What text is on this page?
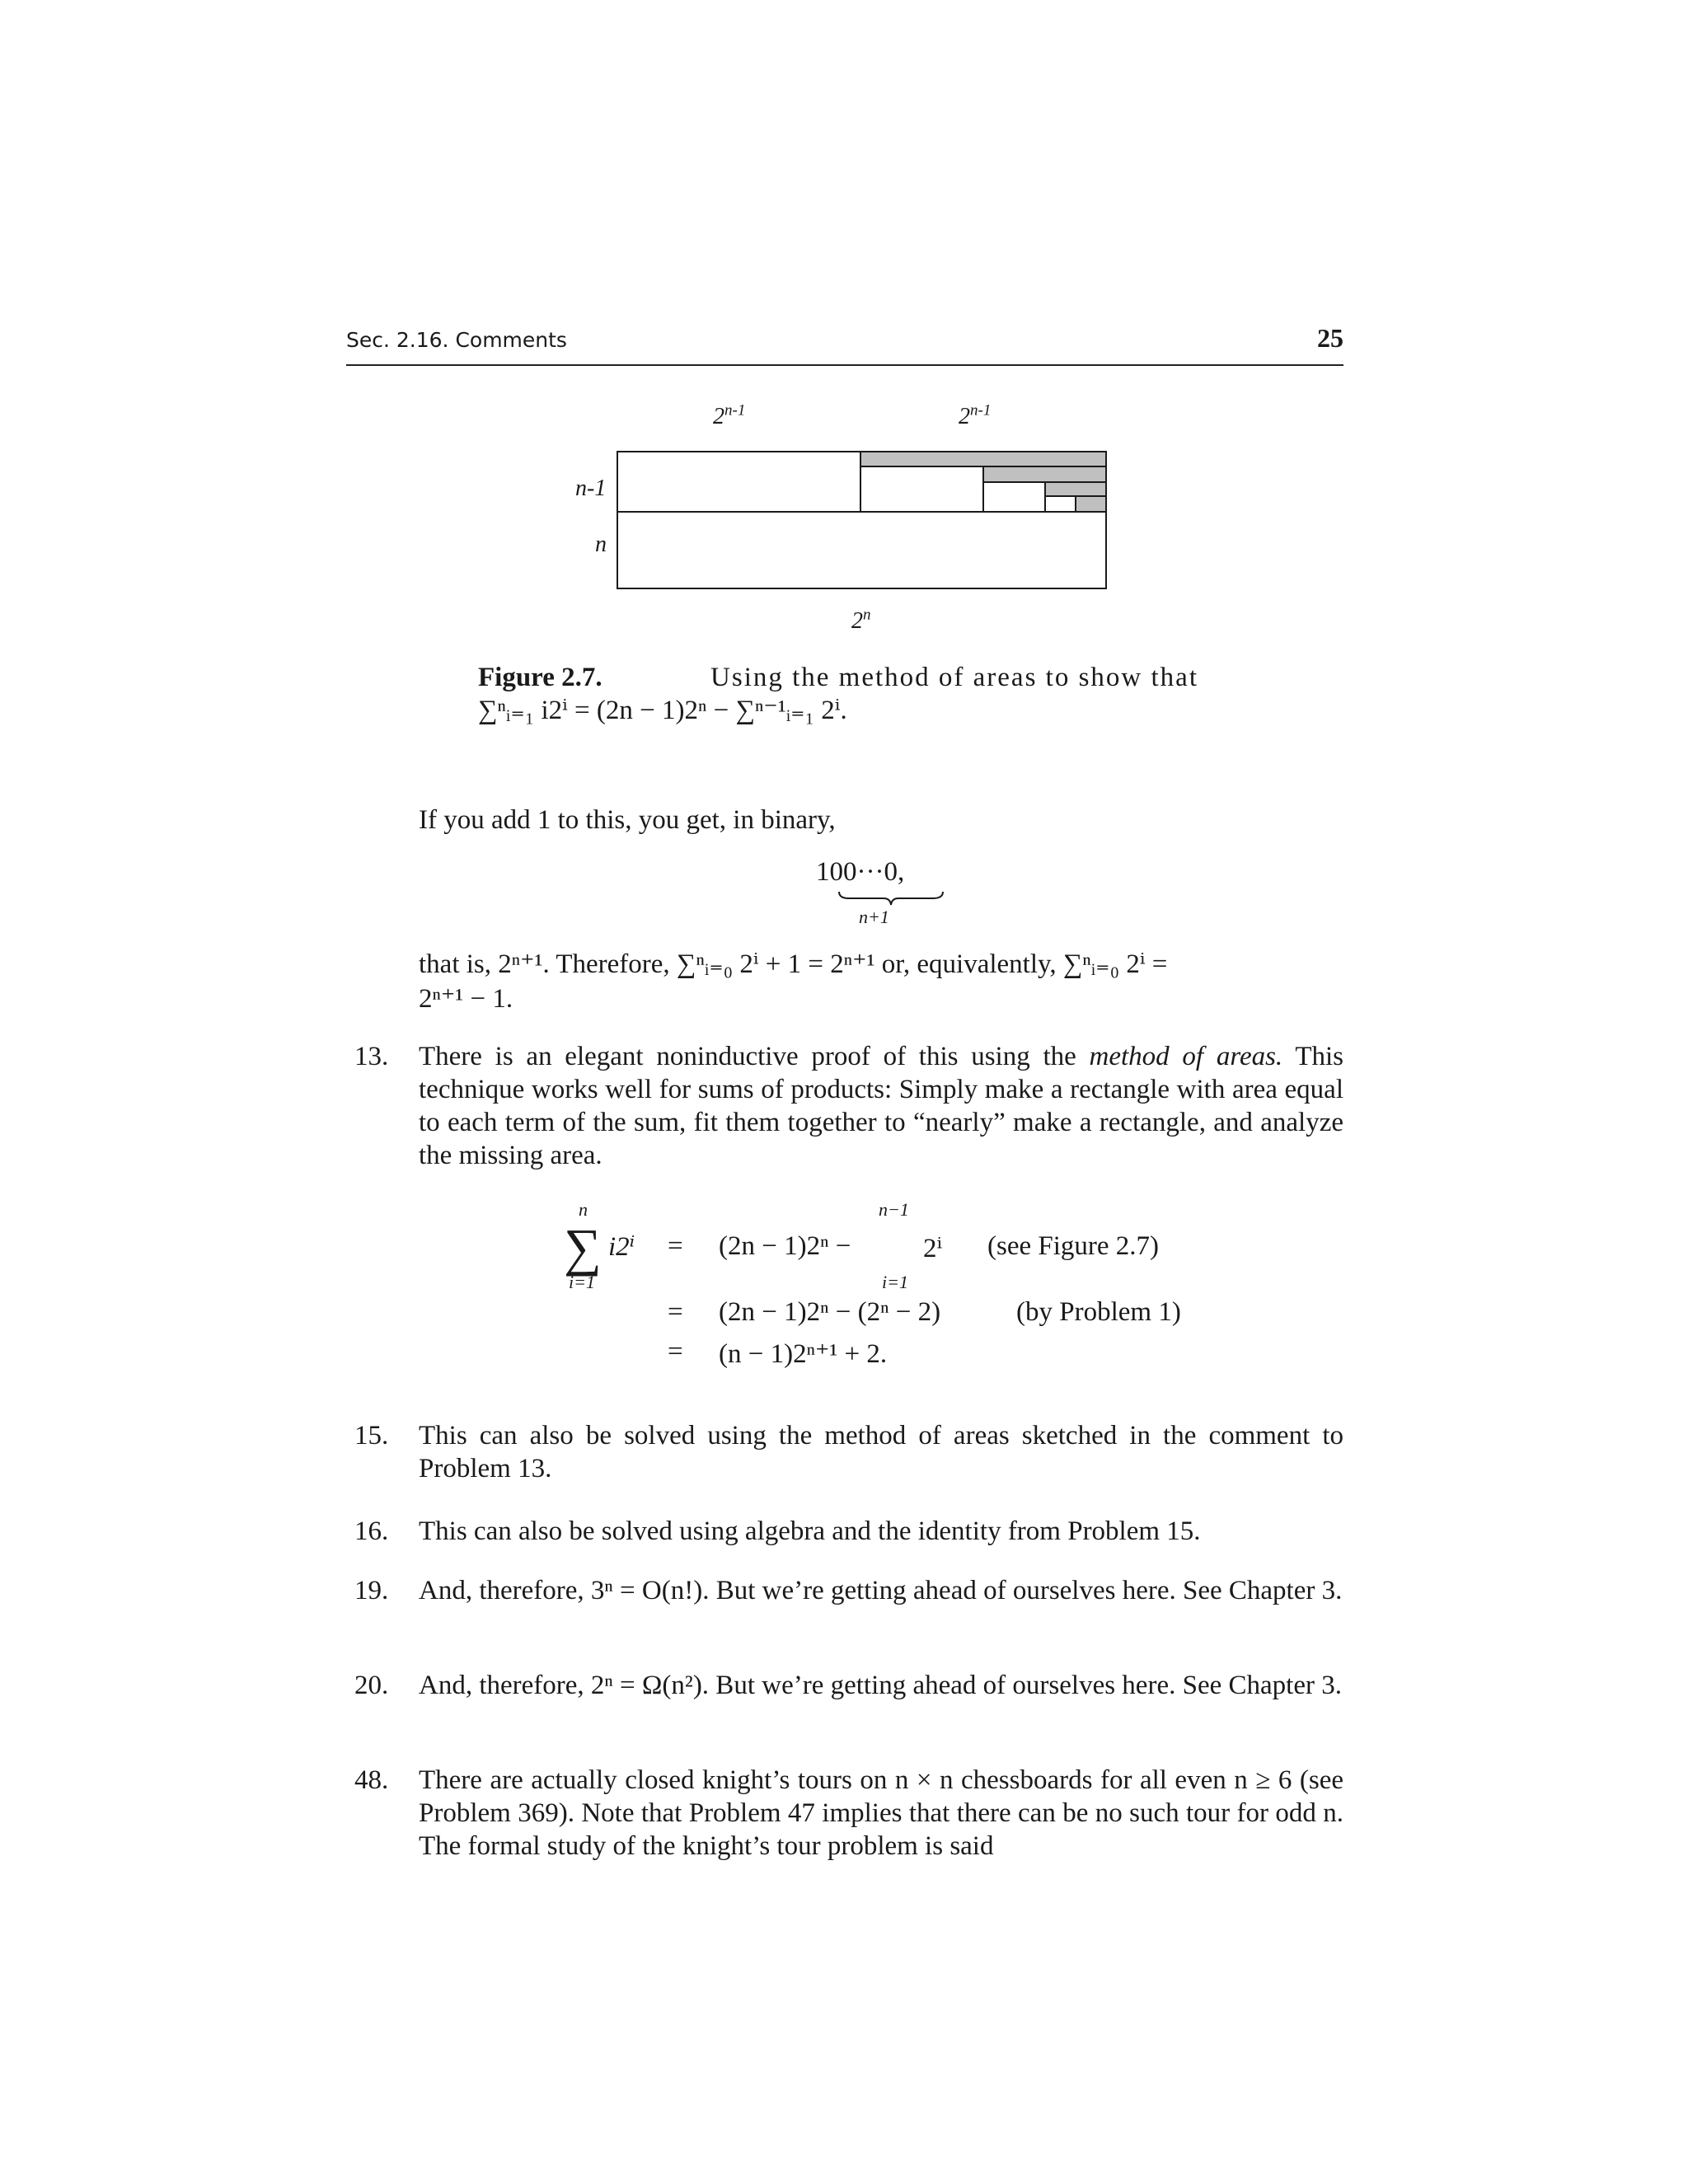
Sec. 2.16. Comments	25
2$^{n-1}$	2$^{n-1}$
n-1
n
2$^n$
Figure 2.7.	Using the method of areas to show that
∑ⁿᵢ₌₁ i2ⁱ = (2n − 1)2ⁿ − ∑ⁿ⁻¹ᵢ₌₁ 2ⁱ.
If you add 1 to this, you get, in binary,
100···0,
n+1
that is, 2ⁿ⁺¹. Therefore, ∑ⁿᵢ₌₀ 2ⁱ + 1 = 2ⁿ⁺¹ or, equivalently, ∑ⁿᵢ₌₀ 2ⁱ =
2ⁿ⁺¹ − 1.
13.	There is an elegant noninductive proof of this using the method of areas. This technique works well for sums of products: Simply make a rectangle with area equal to each term of the sum, fit them together to “nearly” make a rectangle, and analyze the missing area.
n
∑
i=1
i2ⁱ = (2n − 1)2ⁿ −
n−1
i=1
2ⁱ (see Figure 2.7)
= (2n − 1)2ⁿ − (2ⁿ − 2)	(by Problem 1)
= (n − 1)2ⁿ⁺¹ + 2.
15.	This can also be solved using the method of areas sketched in the comment to Problem 13.
16.	This can also be solved using algebra and the identity from Problem 15.
19.	And, therefore, 3ⁿ = O(n!). But we’re getting ahead of ourselves here. See Chapter 3.
20.	And, therefore, 2ⁿ = Ω(n²). But we’re getting ahead of ourselves here. See Chapter 3.
48.	There are actually closed knight’s tours on n × n chessboards for all even n ≥ 6 (see Problem 369). Note that Problem 47 implies that there can be no such tour for odd n. The formal study of the knight’s tour problem is said
